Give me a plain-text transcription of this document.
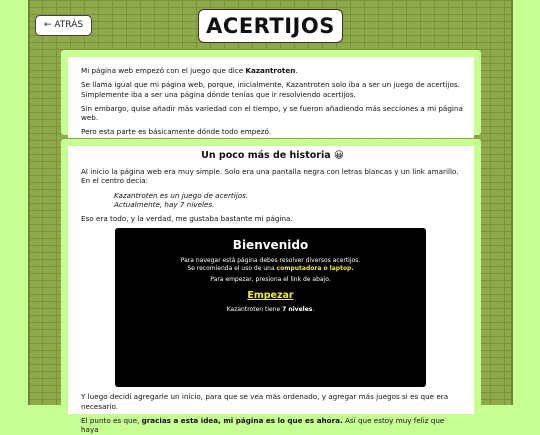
← ATRÁS	ACERTIJOS

Mi página web empezó con el juego que dice Kazantroten.

Se llama igual que mi página web, porque, inicialmente, Kazantroten solo iba a ser un juego de acertijos. Simplemente iba a ser una página dónde tenías que ir resolviendo acertijos.

Sin embargo, quise añadir más variedad con el tiempo, y se fueron añadiendo más secciones a mi página web.

Pero esta parte es básicamente dónde todo empezó.

Un poco más de historia 😀

Al inicio la página web era muy simple. Solo era una pantalla negra con letras blancas y un link amarillo. En el centro decía:

Kazantroten es un juego de acertijos.
Actualmente, hay 7 niveles.

Eso era todo, y la verdad, me gustaba bastante mi página.

Bienvenido
Para navegar está página debes resolver diversos acertijos.
Se recomienda el uso de una computadora o laptop.
Para empezar, presiona el link de abajo.
Empezar
Kazantroten tiene 7 niveles.

Y luego decidí agregarle un inicio, para que se vea más ordenado, y agregar más juegos si es que era necesario.

El punto es que, gracias a esta idea, mi página es lo que es ahora. Así que estoy muy feliz que haya
